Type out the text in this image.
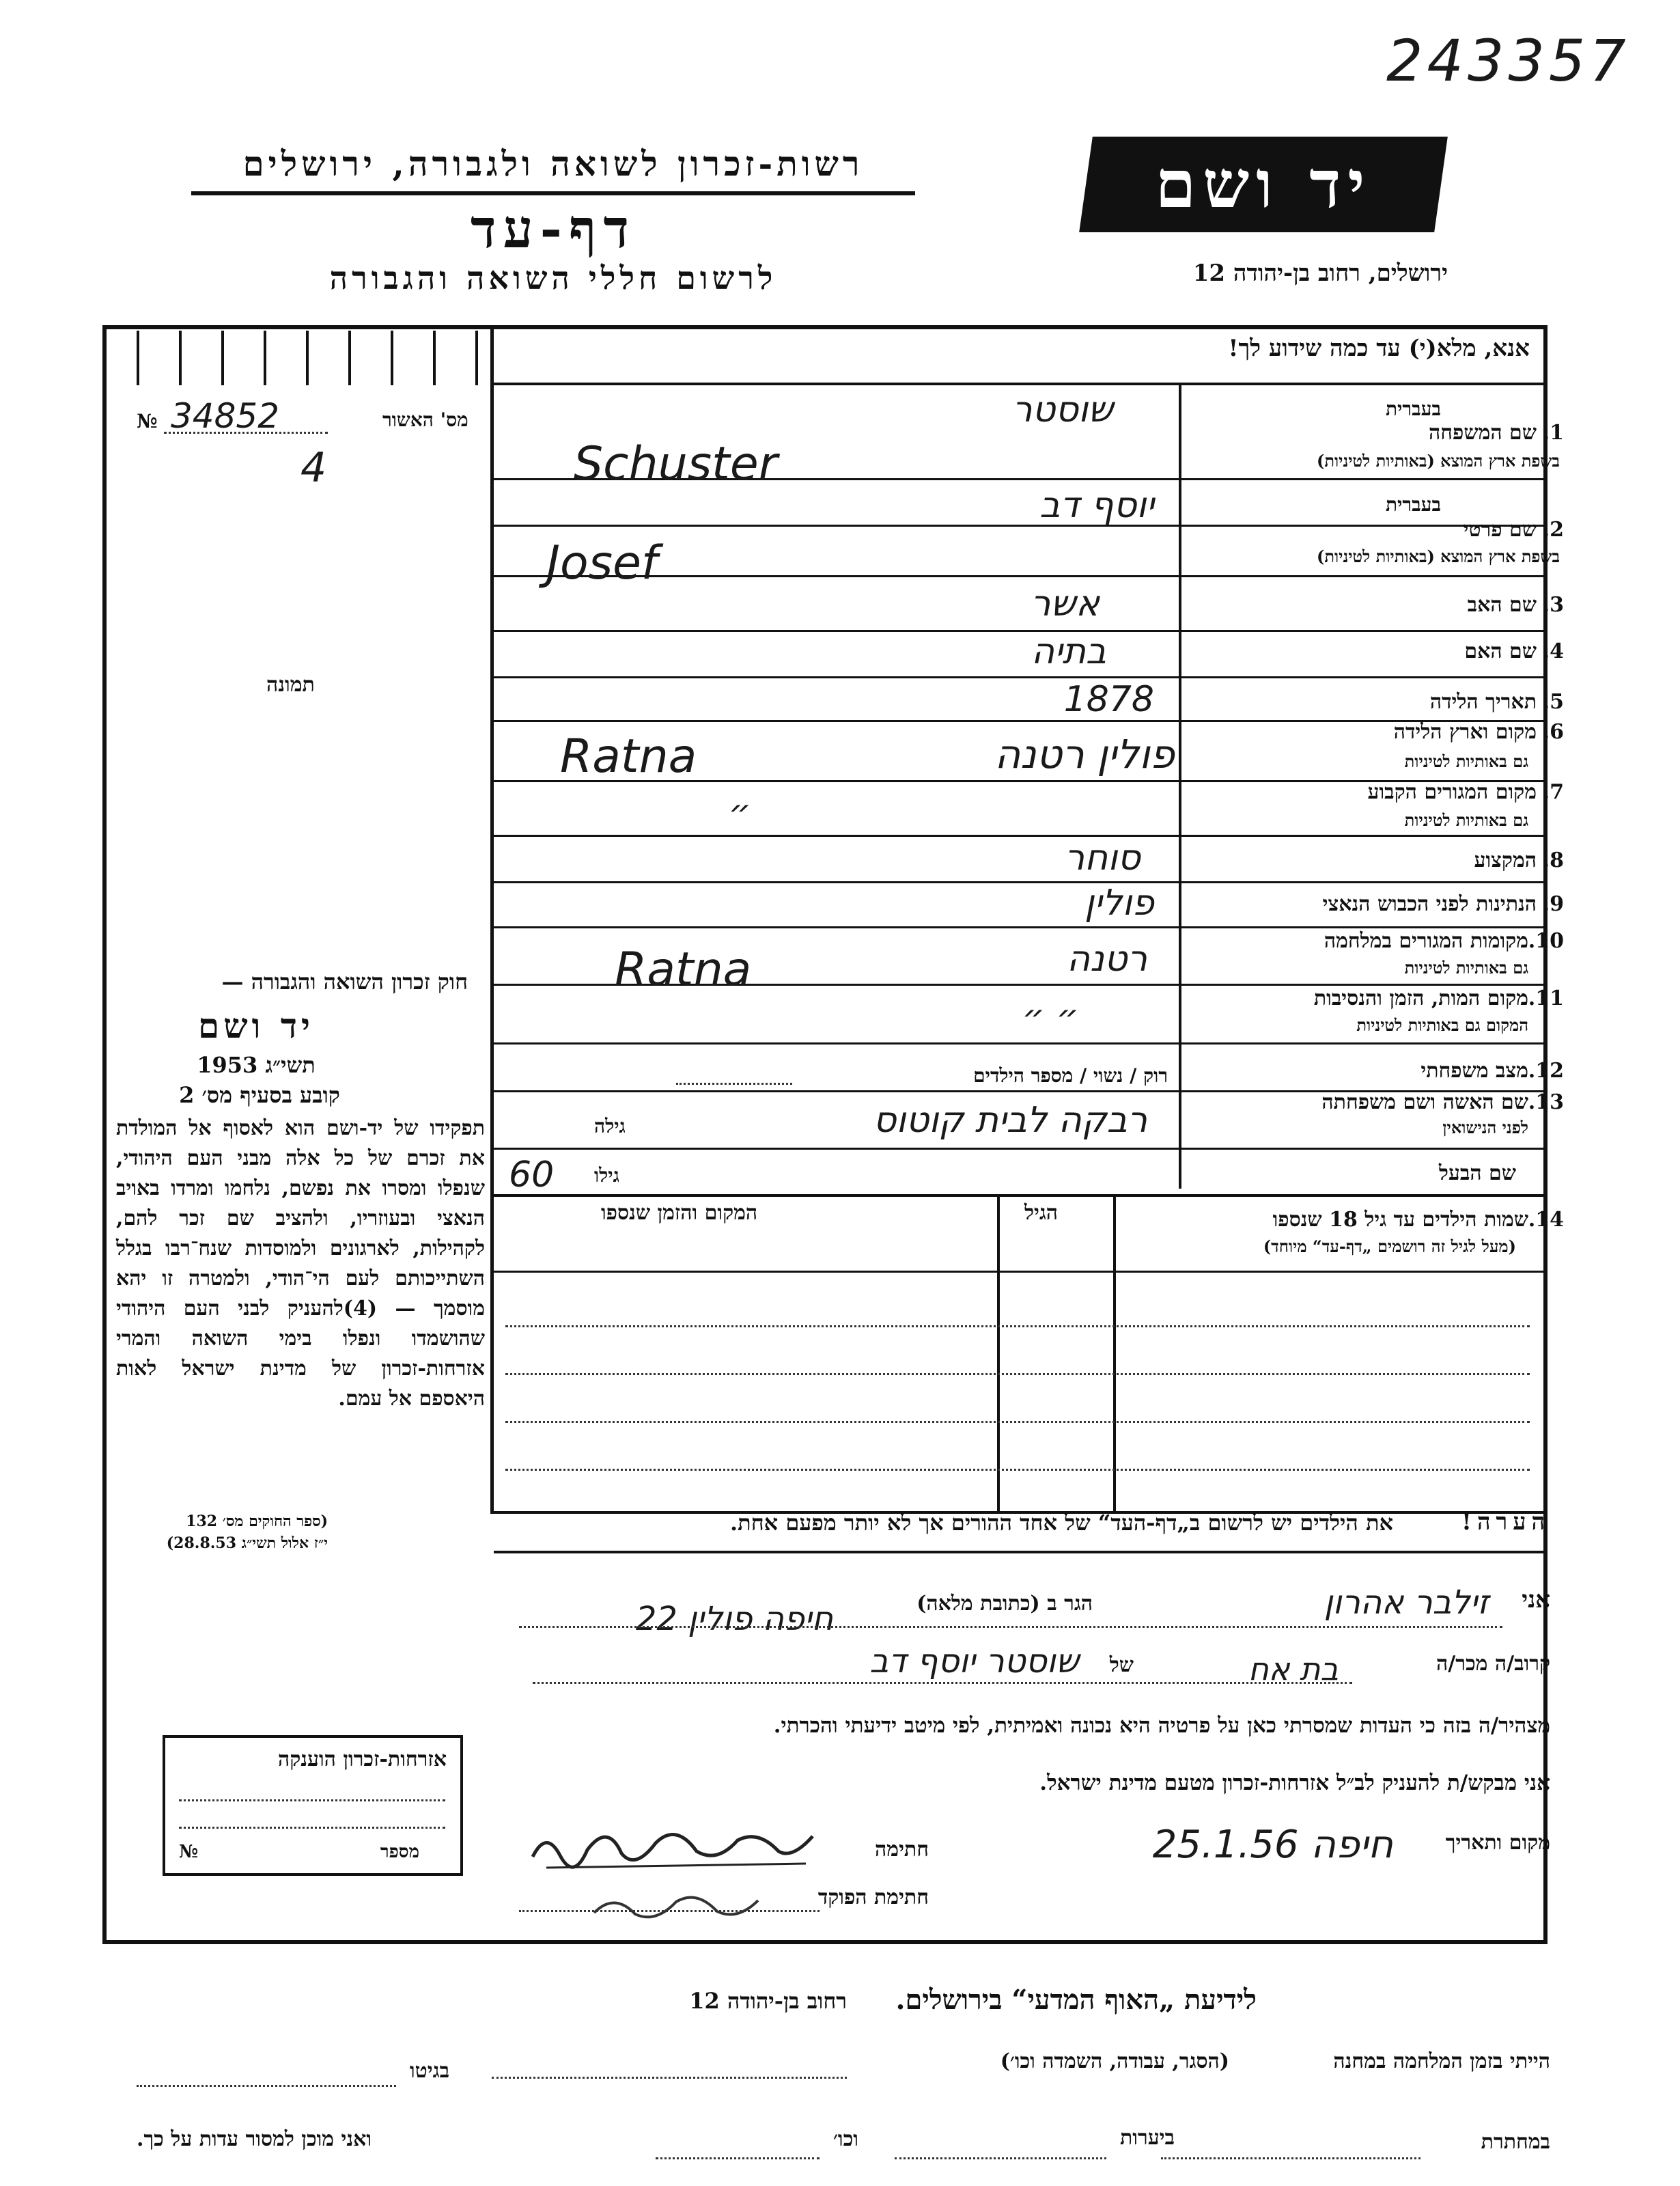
243357
רשות-זכרון לשואה ולגבורה, ירושלים
דף-עד
לרשום חללי השואה והגבורה
יד ושם
ירושלים, רחוב בן-יהודה 12
אנא, מלא(י) עד כמה שידוע לך!
№ 34852
4
מס' האשור
תמונה
בעברית
1.
שם המשפחה
בשפת ארץ המוצא (באותיות לטיניות)
שוסטר
Schuster
בעברית
2.
שם פרטי
בשפת ארץ המוצא (באותיות לטיניות)
יוסף דב
Josef
3.
שם האב
אשר
4.
שם האם
בתיה
5.
תאריך הלידה
1878
6.
מקום וארץ הלידה
גם באותיות לטיניות
פולין רטנה
Ratna
7.
מקום המגורים הקבוע
גם באותיות לטיניות
״
8.
המקצוע
סוחר
9.
הנתינות לפני הכבוש הנאצי
פולין
10.
מקומות המגורים במלחמה
גם באותיות לטיניות
רטנה
Ratna
11.
מקום המות, הזמן והנסיבות
המקום גם באותיות לטיניות
״ ״
12.
מצב משפחתי
רוק / נשוי / מספר הילדים
13.
שם האשה ושם משפחתה
לפני הנישואין
רבקה לבית קוטוס
גילה
שם הבעל
גילו
60
14.
שמות הילדים עד גיל 18 שנספו
(מעל לגיל זה רושמים „דף-עד“ מיוחד)
הגיל
המקום והזמן שנספו
הערה!
את הילדים יש לרשום ב„דף-העד“ של אחד ההורים אך לא יותר מפעם אחת.
חוק זכרון השואה והגבורה —
יד ושם
תשי״ג 1953
קובע בסעיף מס׳ 2
תפקידו של יד-ושם הוא לאסוף אל המולדת את זכרם של כל אלה מבני העם היהודי, שנפלו ומסרו את נפשם, נלחמו ומרדו באויב הנאצי ובעוזריו, ולהציב שם זכר להם, לקהילות, לארגונים ולמוסדות שנח־רבו בגלל השתייכותם לעם הי־הודי, ולמטרה זו יהא מוסמך — (4)להעניק לבני העם היהודי שהושמדו ונפלו בימי השואה והמרי אזרחות-זכרון של מדינת ישראל לאות היאספם אל עמם.
(ספר החוקים מס׳ 132
י״ז אלול תשי״ג 28.8.53)
אזרחות-זכרון הוענקה
מספר
№
אני
זילבר אהרון
הגר ב (כתובת מלאה)
חיפה פולין 22
קרוב/ה מכר/ה
בת אח
של
שוסטר יוסף דב
מצהיר/ה בזה כי העדות שמסרתי כאן על פרטיה היא נכונה ואמיתית, לפי מיטב ידיעתי והכרתי.
אני מבקש/ת להעניק לב״ל אזרחות-זכרון מטעם מדינת ישראל.
מקום ותאריך
חיפה 25.1.56
חתימה
חתימת הפוקד
לידיעת „האוף המדעי“ בירושלים.
רחוב בן-יהודה 12
הייתי בזמן המלחמה במחנה
(הסגר, עבודה, השמדה וכו׳)
בגיטו
במחתרת
ביערות
וכו׳
ואני מוכן למסור עדות על כך.
